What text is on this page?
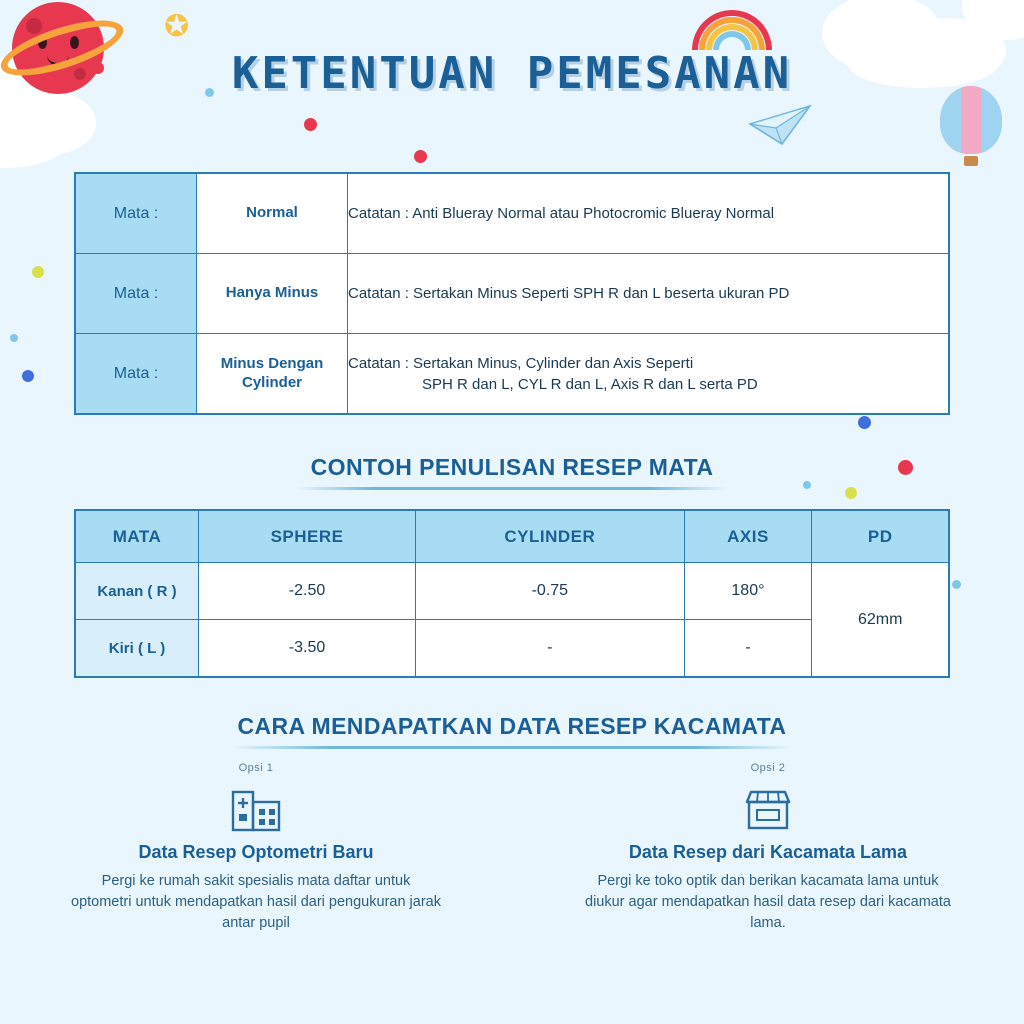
✪
KETENTUAN PEMESANAN
Mata :	Normal	Catatan : Anti Blueray Normal atau Photocromic Blueray Normal
Mata :	Hanya Minus	Catatan : Sertakan Minus Seperti SPH R dan L beserta ukuran PD
Mata :	Minus Dengan Cylinder	Catatan : Sertakan Minus, Cylinder dan Axis Seperti
SPH R dan L, CYL R dan L, Axis R dan L serta PD
CONTOH PENULISAN RESEP MATA
MATA	SPHERE	CYLINDER	AXIS	PD
Kanan ( R )	-2.50	-0.75	180°	62mm
Kiri ( L )	-3.50	-	-	
CARA MENDAPATKAN DATA RESEP KACAMATA
Opsi 1
Data Resep Optometri Baru
Pergi ke rumah sakit spesialis mata daftar untuk optometri untuk mendapatkan hasil dari pengukuran jarak antar pupil
Opsi 2
Data Resep dari Kacamata Lama
Pergi ke toko optik dan berikan kacamata lama untuk diukur agar mendapatkan hasil data resep dari kacamata lama.
